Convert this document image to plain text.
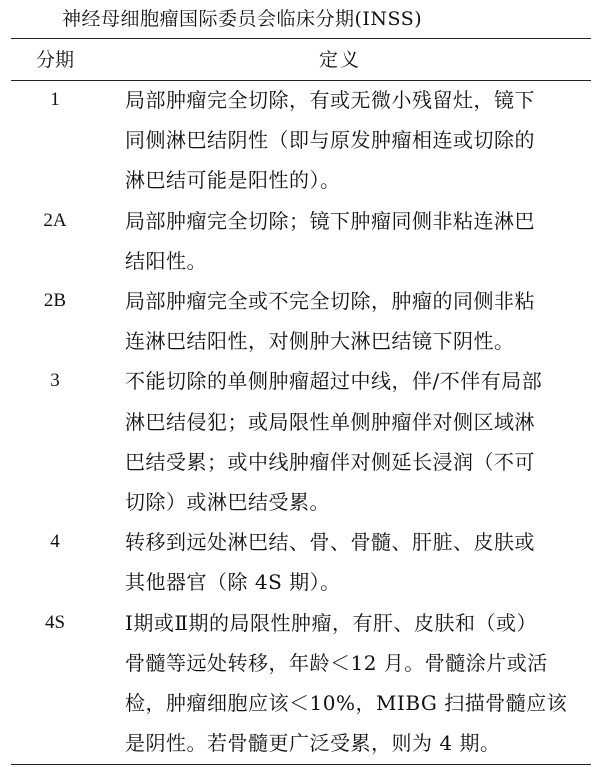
神经母细胞瘤国际委员会临床分期(INSS)
分期	定义
1	局部肿瘤完全切除，有或无微小残留灶，镜下
同侧淋巴结阴性（即与原发肿瘤相连或切除的
淋巴结可能是阳性的）。
2A	局部肿瘤完全切除；镜下肿瘤同侧非粘连淋巴
结阳性。
2B	局部肿瘤完全或不完全切除，肿瘤的同侧非粘
连淋巴结阳性，对侧肿大淋巴结镜下阴性。
3	不能切除的单侧肿瘤超过中线，伴/不伴有局部
淋巴结侵犯；或局限性单侧肿瘤伴对侧区域淋
巴结受累；或中线肿瘤伴对侧延长浸润（不可
切除）或淋巴结受累。
4	转移到远处淋巴结、骨、骨髓、肝脏、皮肤或
其他器官（除 4S 期）。
4S	Ⅰ期或Ⅱ期的局限性肿瘤，有肝、皮肤和（或）
骨髓等远处转移，年龄＜12 月。骨髓涂片或活
检，肿瘤细胞应该＜10%，MIBG 扫描骨髓应该
是阴性。若骨髓更广泛受累，则为 4 期。
